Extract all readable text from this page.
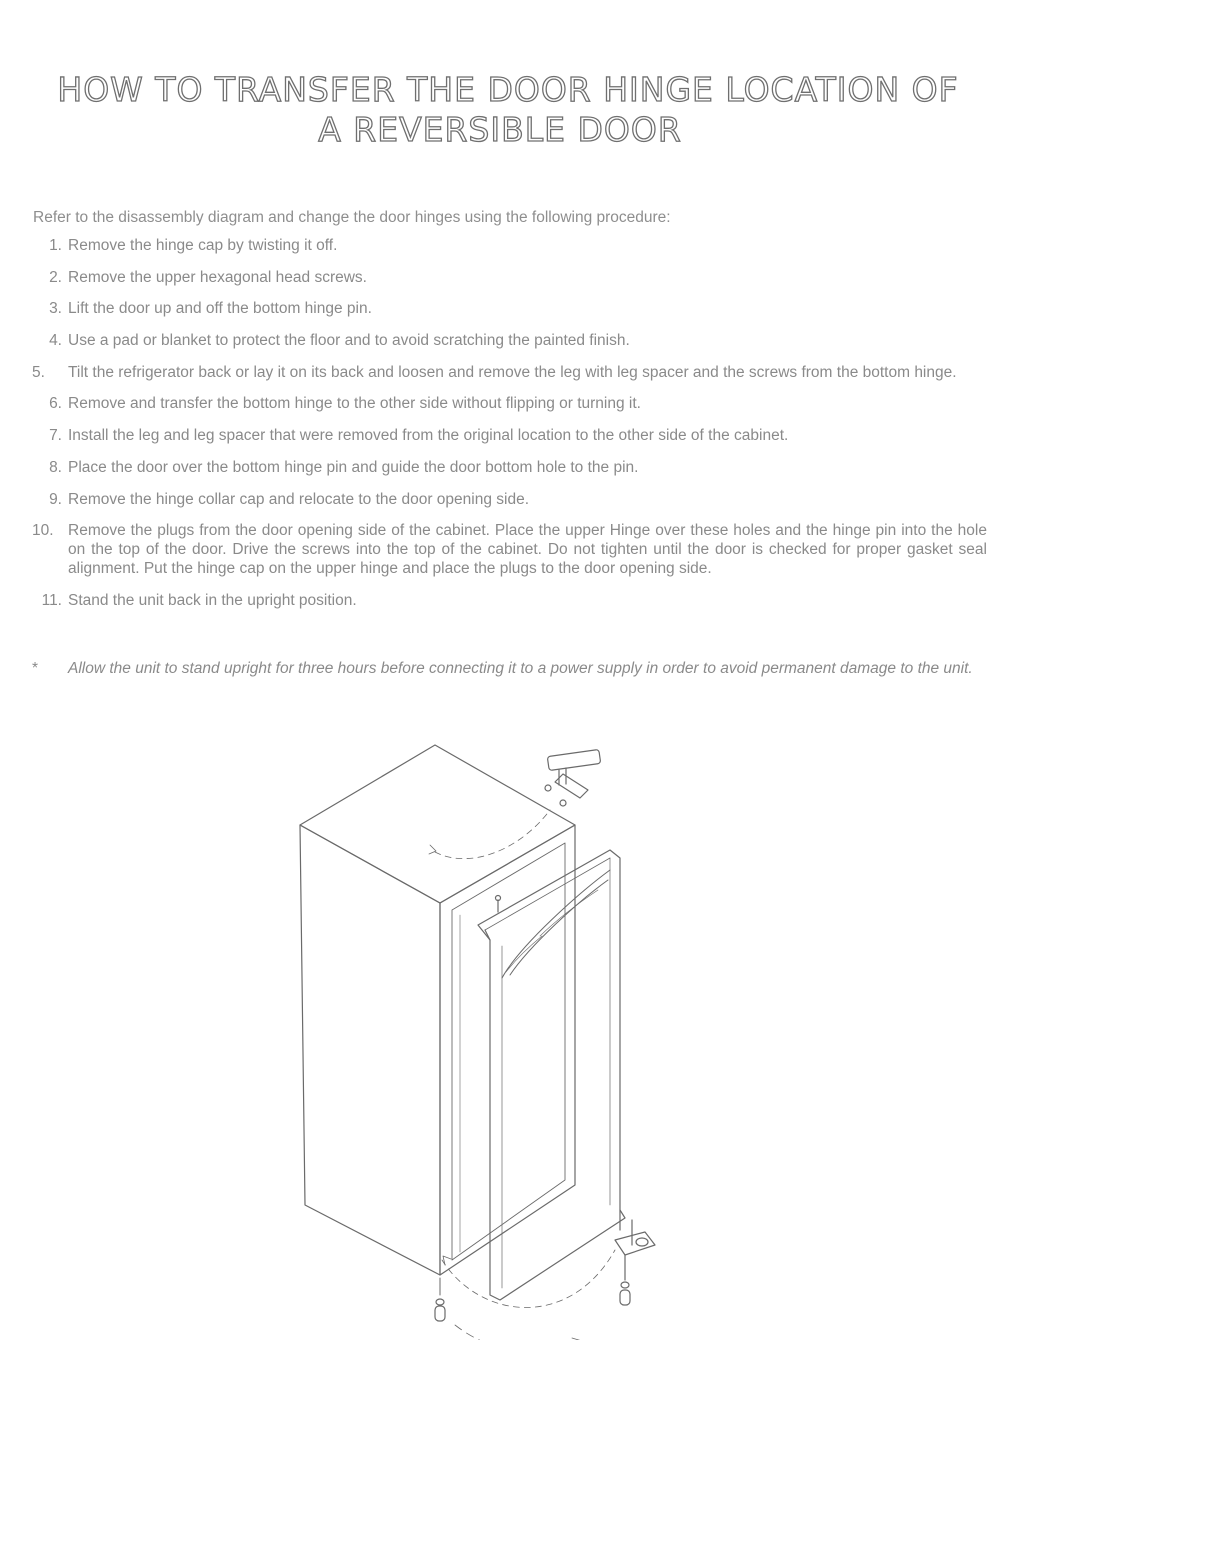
HOW TO TRANSFER THE DOOR HINGE LOCATION OF
A REVERSIBLE DOOR
Refer to the disassembly diagram and change the door hinges using the following procedure:
1. Remove the hinge cap by twisting it off.
2. Remove the upper hexagonal head screws.
3. Lift the door up and off the bottom hinge pin.
4. Use a pad or blanket to protect the floor and to avoid scratching the painted finish.
5.	Tilt the refrigerator back or lay it on its back and loosen and remove the leg with leg spacer and the screws from the bottom hinge.
6. Remove and transfer the bottom hinge to the other side without flipping or turning it.
7. Install the leg and leg spacer that were removed from the original location to the other side of the cabinet.
8. Place the door over the bottom hinge pin and guide the door bottom hole to the pin.
9. Remove the hinge collar cap and relocate to the door opening side.
10. Remove the plugs from the door opening side of the cabinet. Place the upper Hinge over these holes and the hinge pin into the hole on the top of the door. Drive the screws into the top of the cabinet. Do not tighten until the door is checked for proper gasket seal alignment. Put the hinge cap on the upper hinge and place the plugs to the door opening side.
11. Stand the unit back in the upright position.
* Allow the unit to stand upright for three hours before connecting it to a power supply in order to avoid permanent damage to the unit.
